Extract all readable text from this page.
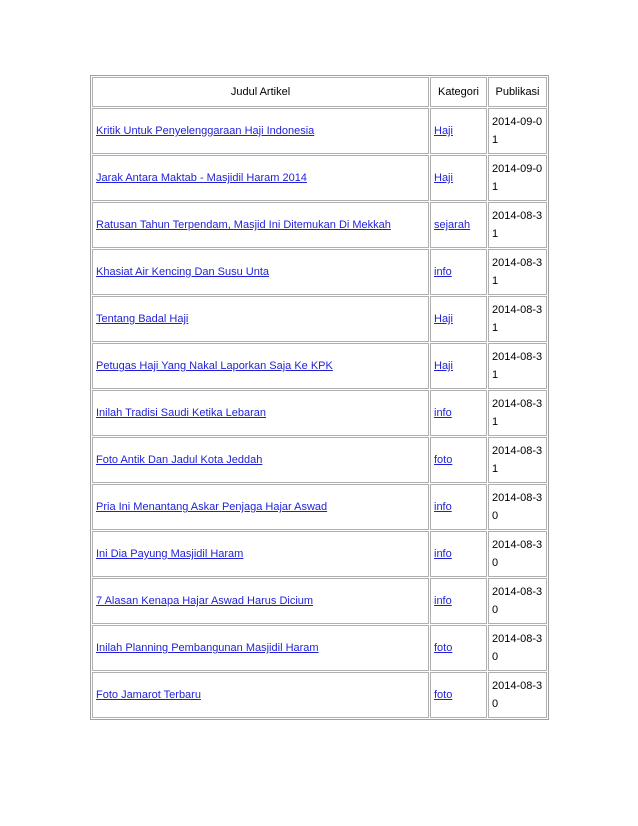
Judul Artikel	Kategori	Publikasi
Kritik Untuk Penyelenggaraan Haji Indonesia	Haji	2014-09-01
Jarak Antara Maktab - Masjidil Haram 2014	Haji	2014-09-01
Ratusan Tahun Terpendam, Masjid Ini Ditemukan Di Mekkah	sejarah	2014-08-31
Khasiat Air Kencing Dan Susu Unta	info	2014-08-31
Tentang Badal Haji	Haji	2014-08-31
Petugas Haji Yang Nakal Laporkan Saja Ke KPK	Haji	2014-08-31
Inilah Tradisi Saudi Ketika Lebaran	info	2014-08-31
Foto Antik Dan Jadul Kota Jeddah	foto	2014-08-31
Pria Ini Menantang Askar Penjaga Hajar Aswad	info	2014-08-30
Ini Dia Payung Masjidil Haram	info	2014-08-30
7 Alasan Kenapa Hajar Aswad Harus Dicium	info	2014-08-30
Inilah Planning Pembangunan Masjidil Haram	foto	2014-08-30
Foto Jamarot Terbaru	foto	2014-08-30
